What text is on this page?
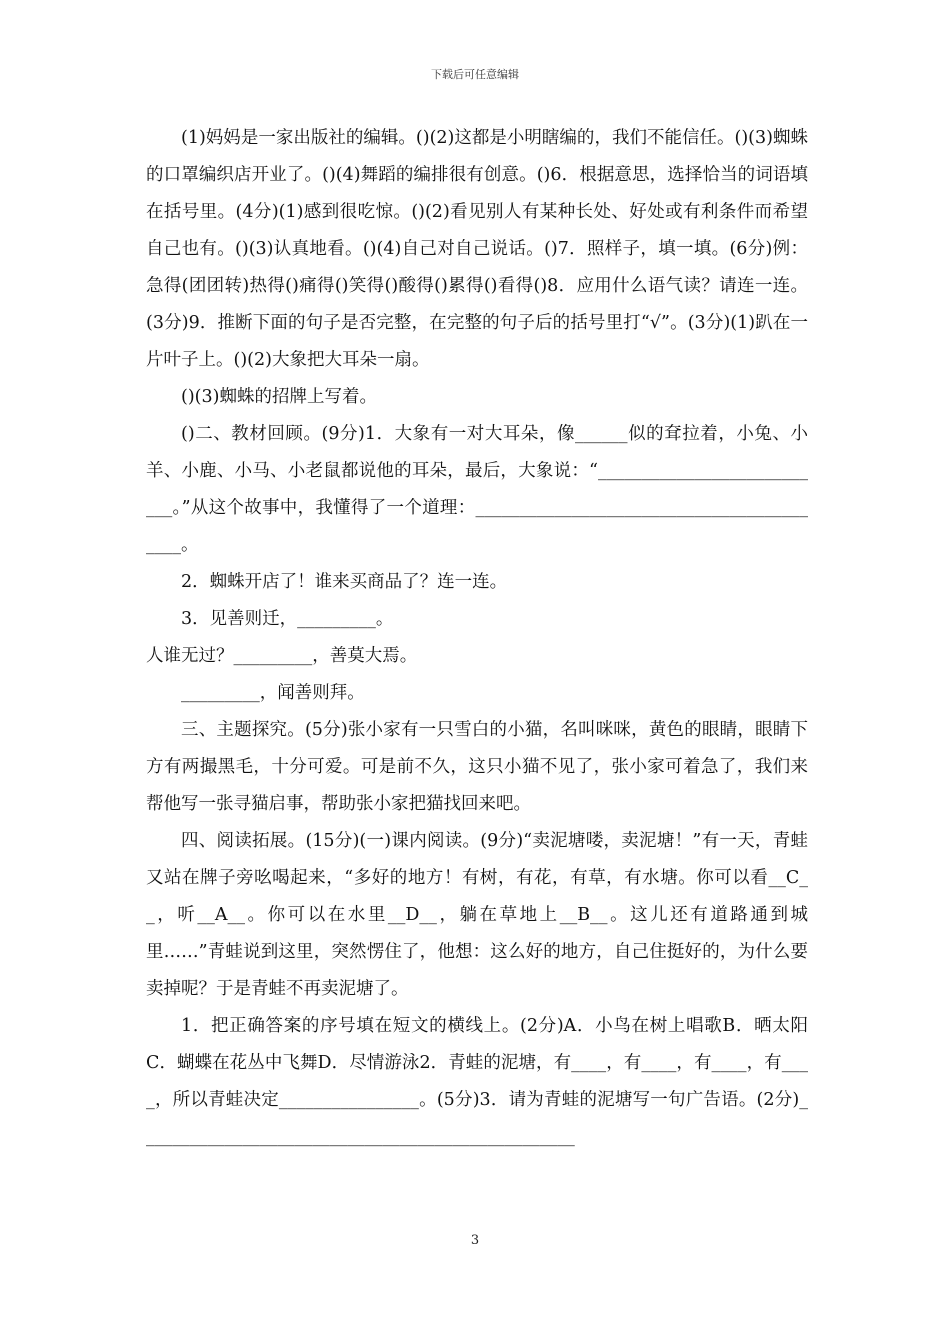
下载后可任意编辑

(1)妈妈是一家出版社的编辑。()(2)这都是小明瞎编的，我们不能信任。()(3)蜘蛛的口罩编织店开业了。()(4)舞蹈的编排很有创意。()6．根据意思，选择恰当的词语填在括号里。(4分)(1)感到很吃惊。()(2)看见别人有某种长处、好处或有利条件而希望自己也有。()(3)认真地看。()(4)自己对自己说话。()7．照样子，填一填。(6分)例：急得(团团转)热得()痛得()笑得()酸得()累得()看得()8．应用什么语气读？请连一连。(3分)9．推断下面的句子是否完整，在完整的句子后的括号里打“√”。(3分)(1)趴在一片叶子上。()(2)大象把大耳朵一扇。

()(3)蜘蛛的招牌上写着。

()二、教材回顾。(9分)1．大象有一对大耳朵，像______似的耷拉着，小兔、小羊、小鹿、小马、小老鼠都说他的耳朵，最后，大象说：“___________________________。”从这个故事中，我懂得了一个道理：__________________________________________。

2．蜘蛛开店了！谁来买商品了？连一连。

3．见善则迁，_________。

人谁无过？_________，善莫大焉。

_________，闻善则拜。

三、主题探究。(5分)张小家有一只雪白的小猫，名叫咪咪，黄色的眼睛，眼睛下方有两撮黑毛，十分可爱。可是前不久，这只小猫不见了，张小家可着急了，我们来帮他写一张寻猫启事，帮助张小家把猫找回来吧。

四、阅读拓展。(15分)(一)课内阅读。(9分)“卖泥塘喽，卖泥塘！”有一天，青蛙又站在牌子旁吆喝起来，“多好的地方！有树，有花，有草，有水塘。你可以看__C__，听__A__。你可以在水里__D__，躺在草地上__B__。这儿还有道路通到城里……”青蛙说到这里，突然愣住了，他想：这么好的地方，自己住挺好的，为什么要卖掉呢？于是青蛙不再卖泥塘了。

1．把正确答案的序号填在短文的横线上。(2分)A．小鸟在树上唱歌B．晒太阳C．蝴蝶在花丛中飞舞D．尽情游泳2．青蛙的泥塘，有____，有____，有____，有____，所以青蛙决定________________。(5分)3．请为青蛙的泥塘写一句广告语。(2分)__________________________________________________

3
